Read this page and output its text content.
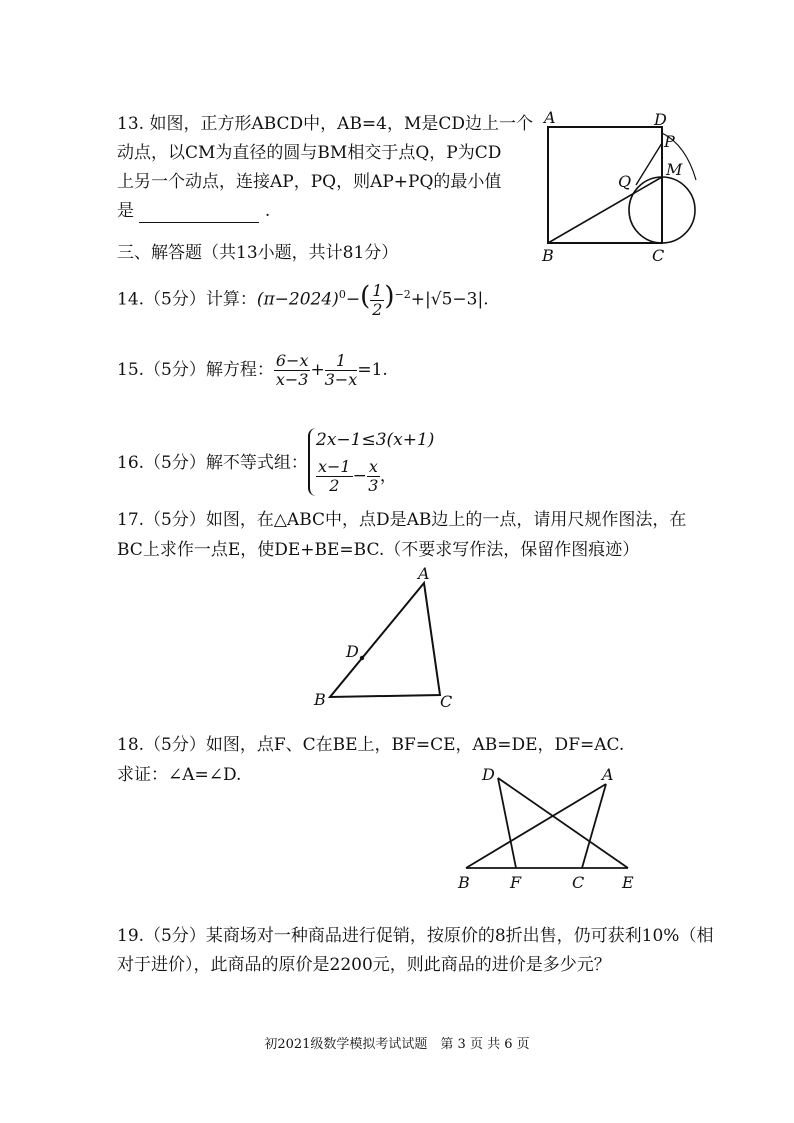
13. 如图，正方形ABCD中，AB=4，M是CD边上一个
动点，以CM为直径的圆与BM相交于点Q，P为CD
上另一个动点，连接AP，PQ，则AP+PQ的最小值
是	.
A	D
P
M
Q
B	C
三、解答题（共13小题，共计81分）
14.（5分）计算：$(\pi-2024)^0-( \frac{1}{2} )^{-2}+|√5-3|$.
15.（5分）解方程： $\frac{6-x}{x-3} + \frac{1}{3-x} =1$.
16.（5分）解不等式组：
2x−1≤3(x+1)
$\frac{x-1}{2} - \frac{x}{3}$ ，
17.（5分）如图，在△ABC中，点D是AB边上的一点，请用尺规作图法，在
BC上求作一点E，使DE+BE=BC.（不要求写作法，保留作图痕迹）
A
D
B	C
18.（5分）如图，点F、C在BE上，BF=CE，AB=DE，DF=AC.
求证：∠A=∠D.	D	A
B	F	C E
19.（5分）某商场对一种商品进行促销，按原价的8折出售，仍可获利10%（相
对于进价），此商品的原价是2200元，则此商品的进价是多少元？
初2021级数学模拟考试试题　第 3 页 共 6 页
